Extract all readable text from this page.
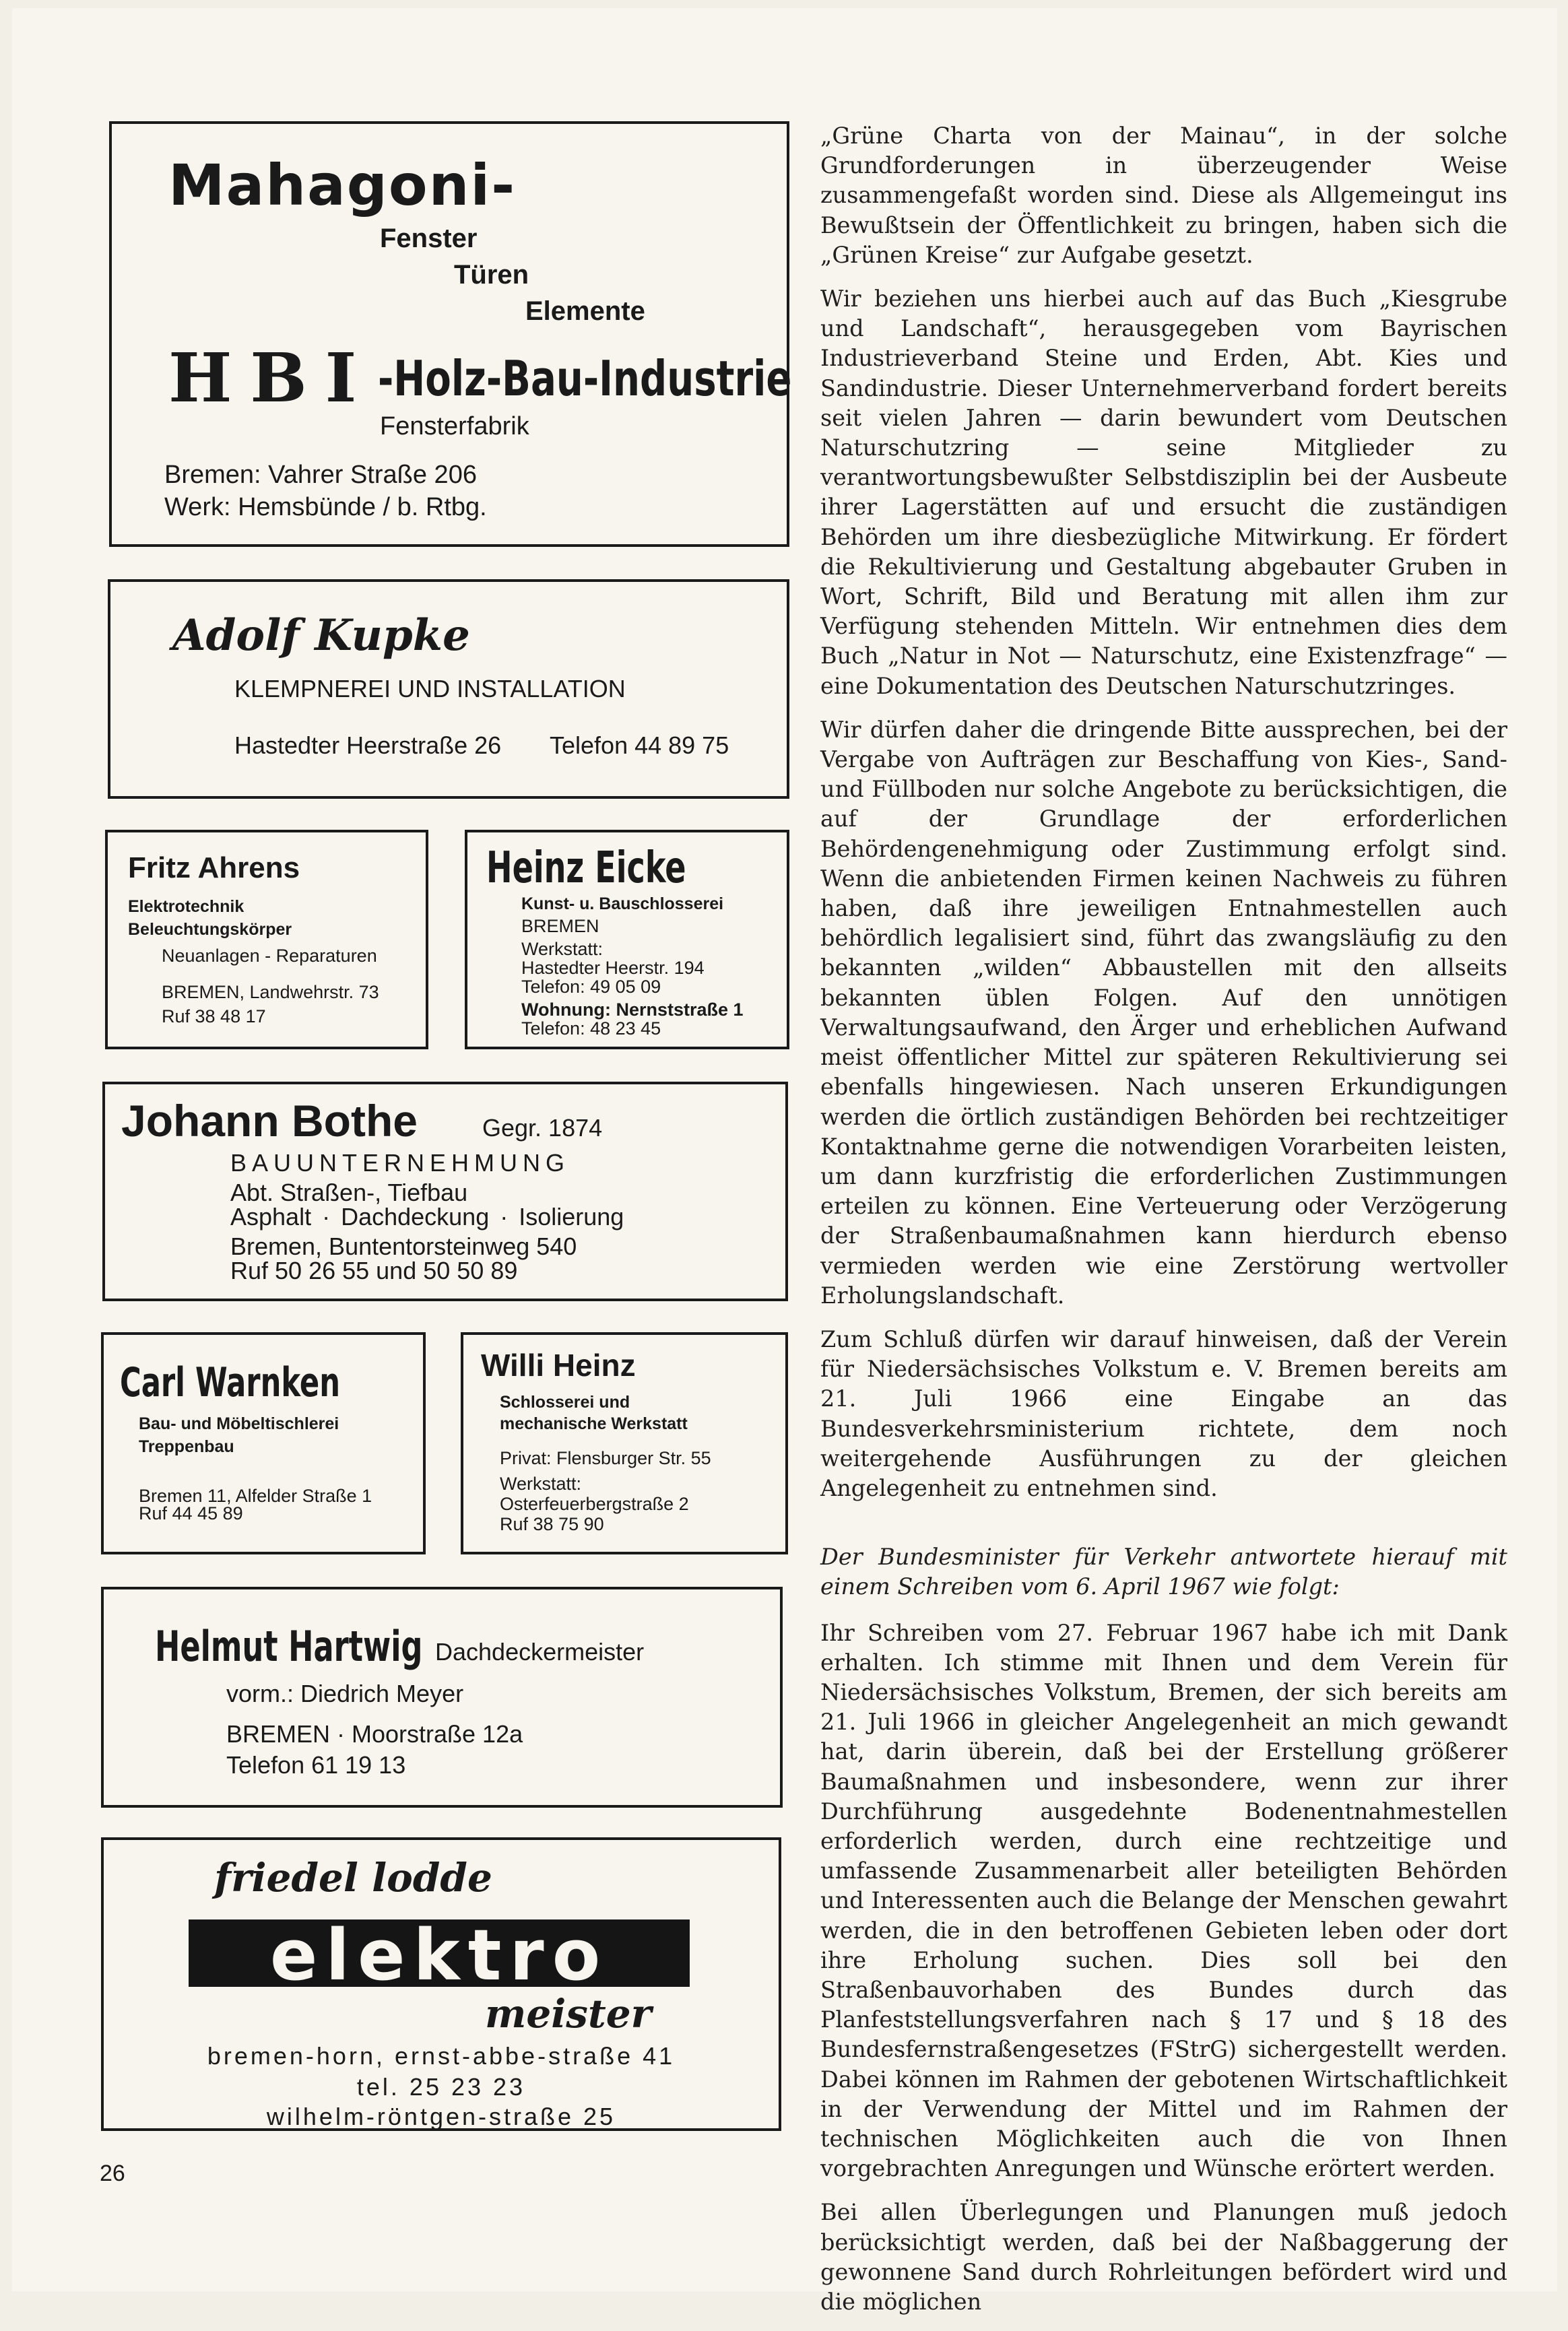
Mahagoni-
Fenster
Türen
Elemente
H B I -Holz-Bau-Industrie
Fensterfabrik
Bremen: Vahrer Straße 206
Werk: Hemsbünde / b. Rtbg.
Adolf Kupke
KLEMPNEREI UND INSTALLATION
Hastedter Heerstraße 26 Telefon 44 89 75
Fritz Ahrens
Elektrotechnik
Beleuchtungskörper
Neuanlagen - Reparaturen
BREMEN, Landwehrstr. 73
Ruf 38 48 17
Heinz Eicke
Kunst- u. Bauschlosserei
BREMEN
Werkstatt:
Hastedter Heerstr. 194
Telefon: 49 05 09
Wohnung: Nernststraße 1
Telefon: 48 23 45
Johann Bothe	Gegr. 1874
BAUUNTERNEHMUNG
Abt. Straßen-, Tiefbau
Asphalt · Dachdeckung · Isolierung
Bremen, Buntentorsteinweg 540
Ruf 50 26 55 und 50 50 89
Carl Warnken
Bau- und Möbeltischlerei
Treppenbau
Bremen 11, Alfelder Straße 1
Ruf 44 45 89
Willi Heinz
Schlosserei und
mechanische Werkstatt
Privat: Flensburger Str. 55
Werkstatt:
Osterfeuerbergstraße 2
Ruf 38 75 90
Helmut Hartwig Dachdeckermeister
vorm.: Diedrich Meyer
BREMEN · Moorstraße 12a
Telefon 61 19 13
friedel lodde
elektro
meister
bremen-horn, ernst-abbe-straße 41
tel. 25 23 23
wilhelm-röntgen-straße 25

„Grüne Charta von der Mainau“, in der solche Grundforderungen in überzeugender Weise zusammengefaßt worden sind. Diese als Allgemeingut ins Bewußtsein der Öffentlichkeit zu bringen, haben sich die „Grünen Kreise“ zur Aufgabe gesetzt.

Wir beziehen uns hierbei auch auf das Buch „Kiesgrube und Landschaft“, herausgegeben vom Bayrischen Industrieverband Steine und Erden, Abt. Kies und Sandindustrie. Dieser Unternehmerverband fordert bereits seit vielen Jahren — darin bewundert vom Deutschen Naturschutzring — seine Mitglieder zu verantwortungsbewußter Selbstdisziplin bei der Ausbeute ihrer Lagerstätten auf und ersucht die zuständigen Behörden um ihre diesbezügliche Mitwirkung. Er fördert die Rekultivierung und Gestaltung abgebauter Gruben in Wort, Schrift, Bild und Beratung mit allen ihm zur Verfügung stehenden Mitteln. Wir entnehmen dies dem Buch „Natur in Not — Naturschutz, eine Existenzfrage“ — eine Dokumentation des Deutschen Naturschutzringes.

Wir dürfen daher die dringende Bitte aussprechen, bei der Vergabe von Aufträgen zur Beschaffung von Kies-, Sand- und Füllboden nur solche Angebote zu berücksichtigen, die auf der Grundlage der erforderlichen Behördengenehmigung oder Zustimmung erfolgt sind. Wenn die anbietenden Firmen keinen Nachweis zu führen haben, daß ihre jeweiligen Entnahmestellen auch behördlich legalisiert sind, führt das zwangsläufig zu den bekannten „wilden“ Abbaustellen mit den allseits bekannten üblen Folgen. Auf den unnötigen Verwaltungsaufwand, den Ärger und erheblichen Aufwand meist öffentlicher Mittel zur späteren Rekultivierung sei ebenfalls hingewiesen. Nach unseren Erkundigungen werden die örtlich zuständigen Behörden bei rechtzeitiger Kontaktnahme gerne die notwendigen Vorarbeiten leisten, um dann kurzfristig die erforderlichen Zustimmungen erteilen zu können. Eine Verteuerung oder Verzögerung der Straßenbaumaßnahmen kann hierdurch ebenso vermieden werden wie eine Zerstörung wertvoller Erholungslandschaft.

Zum Schluß dürfen wir darauf hinweisen, daß der Verein für Niedersächsisches Volkstum e. V. Bremen bereits am 21. Juli 1966 eine Eingabe an das Bundesverkehrsministerium richtete, dem noch weitergehende Ausführungen zu der gleichen Angelegenheit zu entnehmen sind.

Der Bundesminister für Verkehr antwortete hierauf mit einem Schreiben vom 6. April 1967 wie folgt:

Ihr Schreiben vom 27. Februar 1967 habe ich mit Dank erhalten. Ich stimme mit Ihnen und dem Verein für Niedersächsisches Volkstum, Bremen, der sich bereits am 21. Juli 1966 in gleicher Angelegenheit an mich gewandt hat, darin überein, daß bei der Erstellung größerer Baumaßnahmen und insbesondere, wenn zur ihrer Durchführung ausgedehnte Bodenentnahmestellen erforderlich werden, durch eine rechtzeitige und umfassende Zusammenarbeit aller beteiligten Behörden und Interessenten auch die Belange der Menschen gewahrt werden, die in den betroffenen Gebieten leben oder dort ihre Erholung suchen. Dies soll bei den Straßenbauvorhaben des Bundes durch das Planfeststellungsverfahren nach § 17 und § 18 des Bundesfernstraßengesetzes (FStrG) sichergestellt werden. Dabei können im Rahmen der gebotenen Wirtschaftlichkeit in der Verwendung der Mittel und im Rahmen der technischen Möglichkeiten auch die von Ihnen vorgebrachten Anregungen und Wünsche erörtert werden.

Bei allen Überlegungen und Planungen muß jedoch berücksichtigt werden, daß bei der Naßbaggerung der gewonnene Sand durch Rohrleitungen befördert wird und die möglichen

26
